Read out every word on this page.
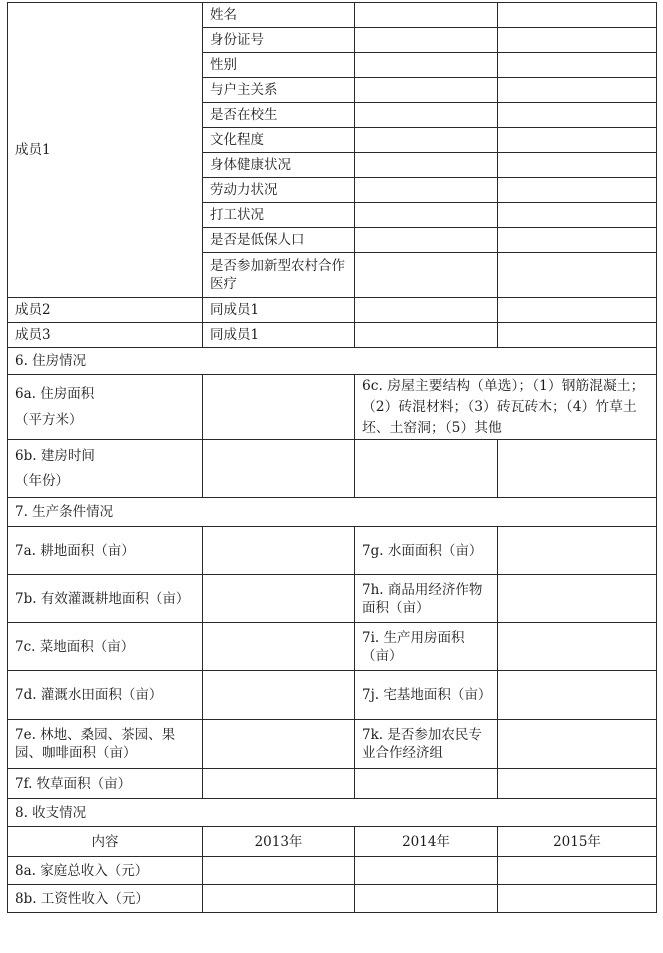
成员1	姓名		
	身份证号		
	性别		
	与户主关系		
	是否在校生		
	文化程度		
	身体健康状况		
	劳动力状况		
	打工状况		
	是否是低保人口		
	是否参加新型农村合作医疗		
成员2	同成员1		
成员3	同成员1		
6. 住房情况			

6a. 住房面积
（平方米）		6c. 房屋主要结构（单选）；（1）钢筋混凝土；（2）砖混材料；（3）砖瓦砖木；（4）竹草土坯、土窑洞；（5）其他	

6b. 建房时间
（年份）			

7. 生产条件情况			
7a. 耕地面积（亩）		7g. 水面面积（亩）	
7b. 有效灌溉耕地面积（亩）		7h. 商品用经济作物面积（亩）	
7c. 菜地面积（亩）		7i. 生产用房面积（亩）	
7d. 灌溉水田面积（亩）		7j. 宅基地面积（亩）	
7e. 林地、桑园、茶园、果园、咖啡面积（亩）		7k. 是否参加农民专业合作经济组	
7f. 牧草面积（亩）			
8. 收支情况			
内容	2013年	2014年	2015年
8a. 家庭总收入（元）			
8b. 工资性收入（元）			
